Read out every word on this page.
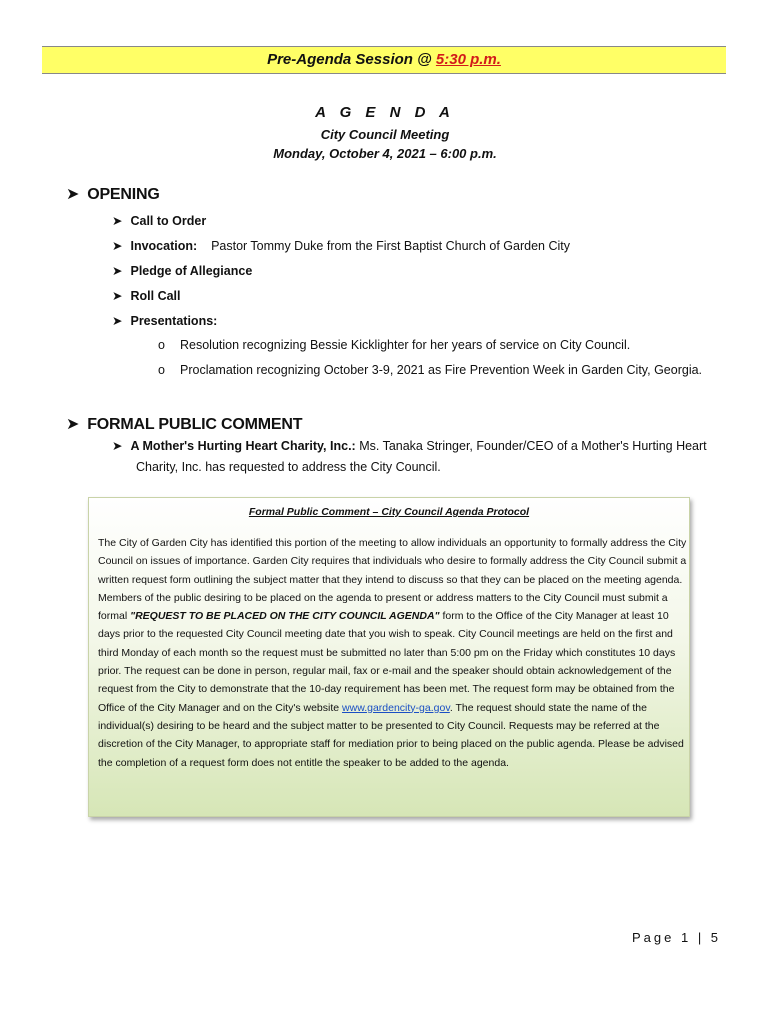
Pre-Agenda Session @ 5:30 p.m.
A G E N D A
City Council Meeting
Monday, October 4, 2021 – 6:00 p.m.
➤ OPENING
➤ Call to Order
➤ Invocation: Pastor Tommy Duke from the First Baptist Church of Garden City
➤ Pledge of Allegiance
➤ Roll Call
➤ Presentations:
o Resolution recognizing Bessie Kicklighter for her years of service on City Council.
o Proclamation recognizing October 3-9, 2021 as Fire Prevention Week in Garden City, Georgia.
➤ FORMAL PUBLIC COMMENT
➤ A Mother's Hurting Heart Charity, Inc.: Ms. Tanaka Stringer, Founder/CEO of a Mother's Hurting Heart Charity, Inc. has requested to address the City Council.
Formal Public Comment – City Council Agenda Protocol
The City of Garden City has identified this portion of the meeting to allow individuals an opportunity to formally address the City Council on issues of importance. Garden City requires that individuals who desire to formally address the City Council submit a written request form outlining the subject matter that they intend to discuss so that they can be placed on the meeting agenda. Members of the public desiring to be placed on the agenda to present or address matters to the City Council must submit a formal "REQUEST TO BE PLACED ON THE CITY COUNCIL AGENDA" form to the Office of the City Manager at least 10 days prior to the requested City Council meeting date that you wish to speak. City Council meetings are held on the first and third Monday of each month so the request must be submitted no later than 5:00 pm on the Friday which constitutes 10 days prior. The request can be done in person, regular mail, fax or e-mail and the speaker should obtain acknowledgement of the request from the City to demonstrate that the 10-day requirement has been met. The request form may be obtained from the Office of the City Manager and on the City's website www.gardencity-ga.gov. The request should state the name of the individual(s) desiring to be heard and the subject matter to be presented to City Council. Requests may be referred at the discretion of the City Manager, to appropriate staff for mediation prior to being placed on the public agenda. Please be advised the completion of a request form does not entitle the speaker to be added to the agenda.
Page 1 | 5
